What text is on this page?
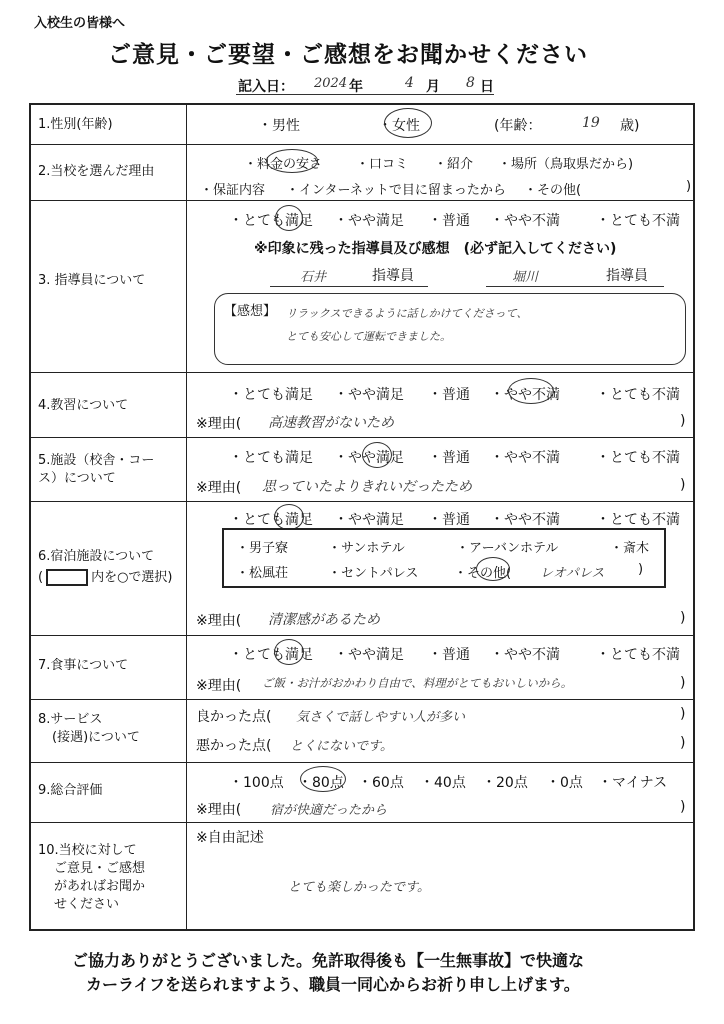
入校生の皆様へ
ご意見・ご要望・ご感想をお聞かせください
記入日： 2024 年	4 月 8 日
1.性別(年齢)	・男性	・女性	(年齢：	19 歳)
2.当校を選んだ理由	・料金の安さ	・口コミ ・紹介 ・場所（鳥取県だから)
・保証内容 ・インターネットで目に留まったから ・その他(	)
3. 指導員について
・とても満足 ・やや満足 ・普通 ・やや不満	・とても不満
※印象に残った指導員及び感想　(必ず記入してください)
石井	指導員	堀川	指導員
【感想】 リラックスできるように話しかけてくださって、
とても安心して運転できました。
4.教習について
・とても満足 ・やや満足 ・普通 ・やや不満	・とても不満
※理由( 高速教習がないため	)
5.施設（校舎・コー
ス）について
・とても満足 ・やや満足 ・普通 ・やや不満	・とても不満
※理由( 思っていたよりきれいだったため	)
6.宿泊施設について
(	内を○で選択)
・とても満足 ・やや満足 ・普通 ・やや不満	・とても不満
・男子寮	・サンホテル	・アーバンホテル	・斎木
・松風荘	・セントパレス	・その他( レオパレス	)
※理由( 清潔感があるため	)
7.食事について
・とても満足 ・やや満足 ・普通 ・やや不満	・とても不満
※理由( ご飯・お汁がおかわり自由で、料理がとてもおいしいから。	)
8.サービス
(接遇)について
良かった点( 気さくで話しやすい人が多い	)
悪かった点( とくにないです。	)
9.総合評価	・100点 ・80点 ・60点 ・40点 ・20点 ・0点 ・マイナス
※理由( 宿が快適だったから	)
10.当校に対して
ご意見・ご感想
があればお聞か
せください
※自由記述
とても楽しかったです。
ご協力ありがとうございました。免許取得後も【一生無事故】で快適な
カーライフを送られますよう、職員一同心からお祈り申し上げます。
